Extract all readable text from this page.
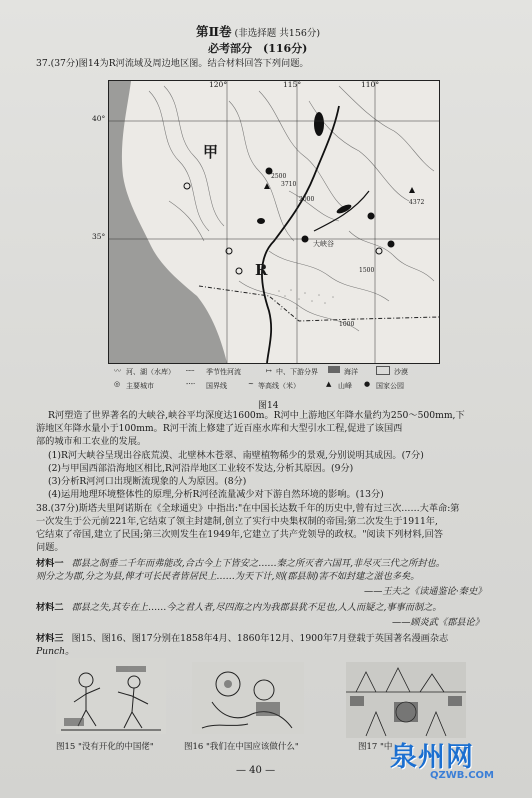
第Ⅱ卷 (非选择题 共156分)
必考部分　(116分)
37.(37分)图14为R河流域及周边地区图。结合材料回答下列问题。
甲
R
大峡谷
120°	115°	110°
2500
3710
4372
2000
1500
1000
40°
35°
〰 河、湖（水库） ┄┄ 季节性河流	↦ 中、下游分界	海洋	沙漠
◎ 主要城市	-·-· 国界线	~ 等高线（米）	▲ 山峰 ● 国家公园
图14
R河塑造了世界著名的大峡谷,峡谷平均深度达1600m。R河中上游地区年降水量约为250～500mm,下
游地区年降水量小于100mm。R河干流上修建了近百座水库和大型引水工程,促进了该国西
部的城市和工农业的发展。
(1)R河大峡谷呈现出谷底荒漠、北壁林木苍翠、南壁植物稀少的景观,分别说明其成因。(7分)
(2)与甲国西部沿海地区相比,R河沿岸地区工业较不发达,分析其原因。(9分)
(3)分析R河河口出现断流现象的人为原因。(8分)
(4)运用地理环境整体性的原理,分析R河径流量减少对下游自然环境的影响。(13分)
38.(37分)斯塔夫里阿诺斯在《全球通史》中指出:"在中国长达数千年的历史中,曾有过三次……大革命:第
一次发生于公元前221年,它结束了领主封建制,创立了实行中央集权制的帝国;第二次发生于1911年,
它结束了帝国,建立了民国;第三次则发生在1949年,它建立了共产党领导的政权。"阅读下列材料,回答
问题。
材料一 郡县之制垂二千年而弗能改,合古今上下皆安之……秦之所灭者六国耳,非尽灭三代之所封也。
则分之为郡,分之为县,俾才可长民者皆居民上……为天下计,则(郡县制)害不如封建之滋也多矣。
——王夫之《读通鉴论·秦史》
材料二 郡县之失,其专在上……今之君人者,尽四海之内为我郡县犹不足也,人人而疑之,事事而制之。
——顾炎武《郡县论》
材料三 图15、图16、图17分别在1858年4月、1860年12月、1900年7月登载于英国著名漫画杂志
Punch。
图15 "没有开化的中国佬"	图16 "我们在中国应该做什么"	图17 "中
— 40 —	泉州网
QZWB.COM
